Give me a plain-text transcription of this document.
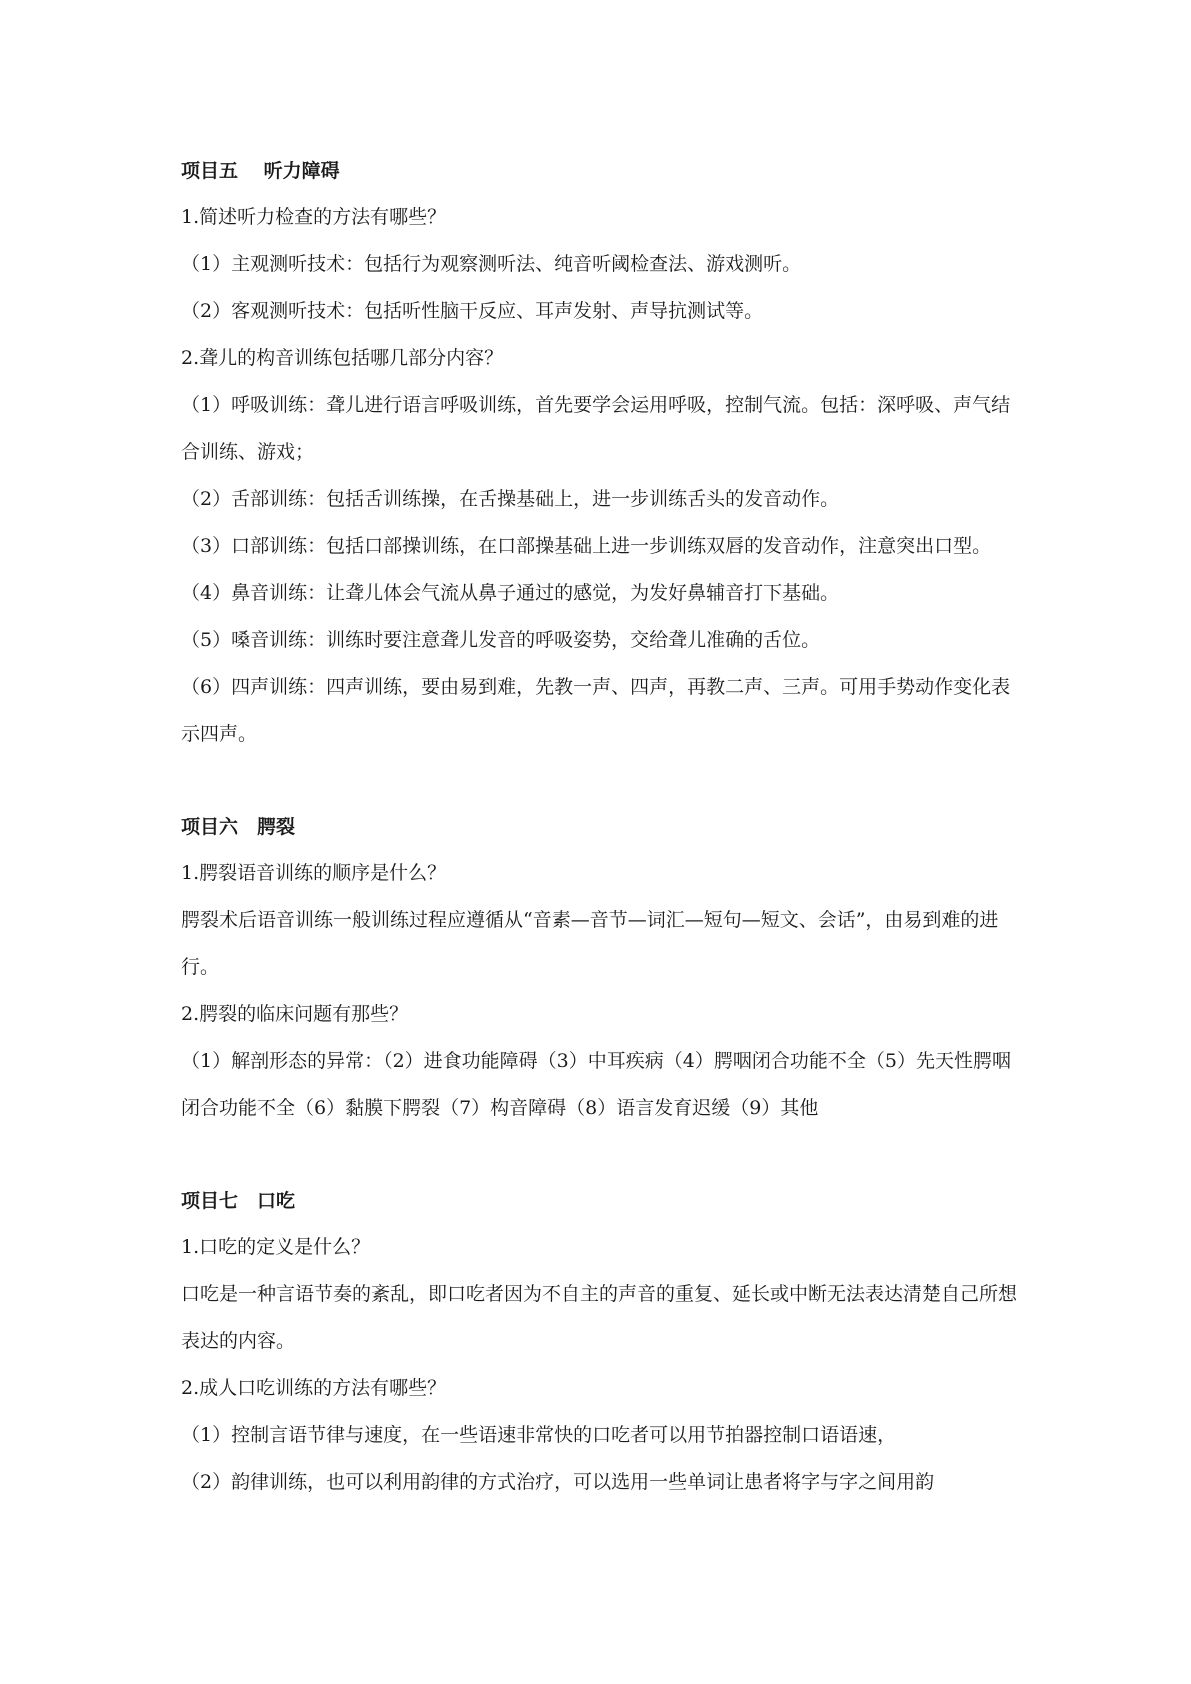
项目五　 听力障碍

1.简述听力检查的方法有哪些？

（1）主观测听技术：包括行为观察测听法、纯音听阈检查法、游戏测听。

（2）客观测听技术：包括听性脑干反应、耳声发射、声导抗测试等。

2.聋儿的构音训练包括哪几部分内容？

（1）呼吸训练：聋儿进行语言呼吸训练，首先要学会运用呼吸，控制气流。包括：深呼吸、声气结合训练、游戏；

（2）舌部训练：包括舌训练操，在舌操基础上，进一步训练舌头的发音动作。

（3）口部训练：包括口部操训练，在口部操基础上进一步训练双唇的发音动作，注意突出口型。

（4）鼻音训练：让聋儿体会气流从鼻子通过的感觉，为发好鼻辅音打下基础。

（5）嗓音训练：训练时要注意聋儿发音的呼吸姿势，交给聋儿准确的舌位。

（6）四声训练：四声训练，要由易到难，先教一声、四声，再教二声、三声。可用手势动作变化表示四声。

项目六　腭裂

1.腭裂语音训练的顺序是什么？

腭裂术后语音训练一般训练过程应遵循从“音素—音节—词汇—短句—短文、会话”，由易到难的进行。

2.腭裂的临床问题有那些？

（1）解剖形态的异常：（2）进食功能障碍（3）中耳疾病（4）腭咽闭合功能不全（5）先天性腭咽闭合功能不全（6）黏膜下腭裂（7）构音障碍（8）语言发育迟缓（9）其他

项目七　口吃

1.口吃的定义是什么？

口吃是一种言语节奏的紊乱，即口吃者因为不自主的声音的重复、延长或中断无法表达清楚自己所想表达的内容。

2.成人口吃训练的方法有哪些？

（1）控制言语节律与速度，在一些语速非常快的口吃者可以用节拍器控制口语语速，

（2）韵律训练，也可以利用韵律的方式治疗，可以选用一些单词让患者将字与字之间用韵
